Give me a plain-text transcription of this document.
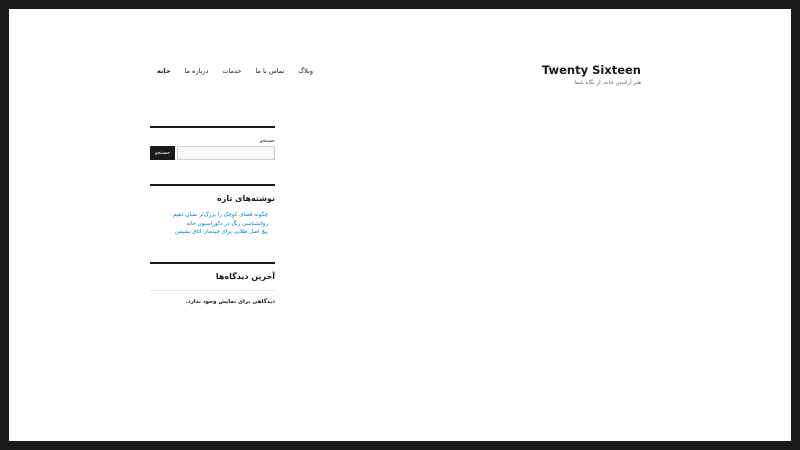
Twenty Sixteen
هنر آراستن خانه، از نگاه شما
خانه درباره ما خدمات تماس با ما وبلاگ
جستجو
جستجو
نوشته‌های تازه
چگونه فضای کوچک را بزرگ‌تر نشان دهیم
روانشناسی رنگ در دکوراسیون خانه
پنج اصل طلایی برای چیدمان اتاق نشیمن
آخرین دیدگاه‌ها
دیدگاهی برای نمایش وجود ندارد.
